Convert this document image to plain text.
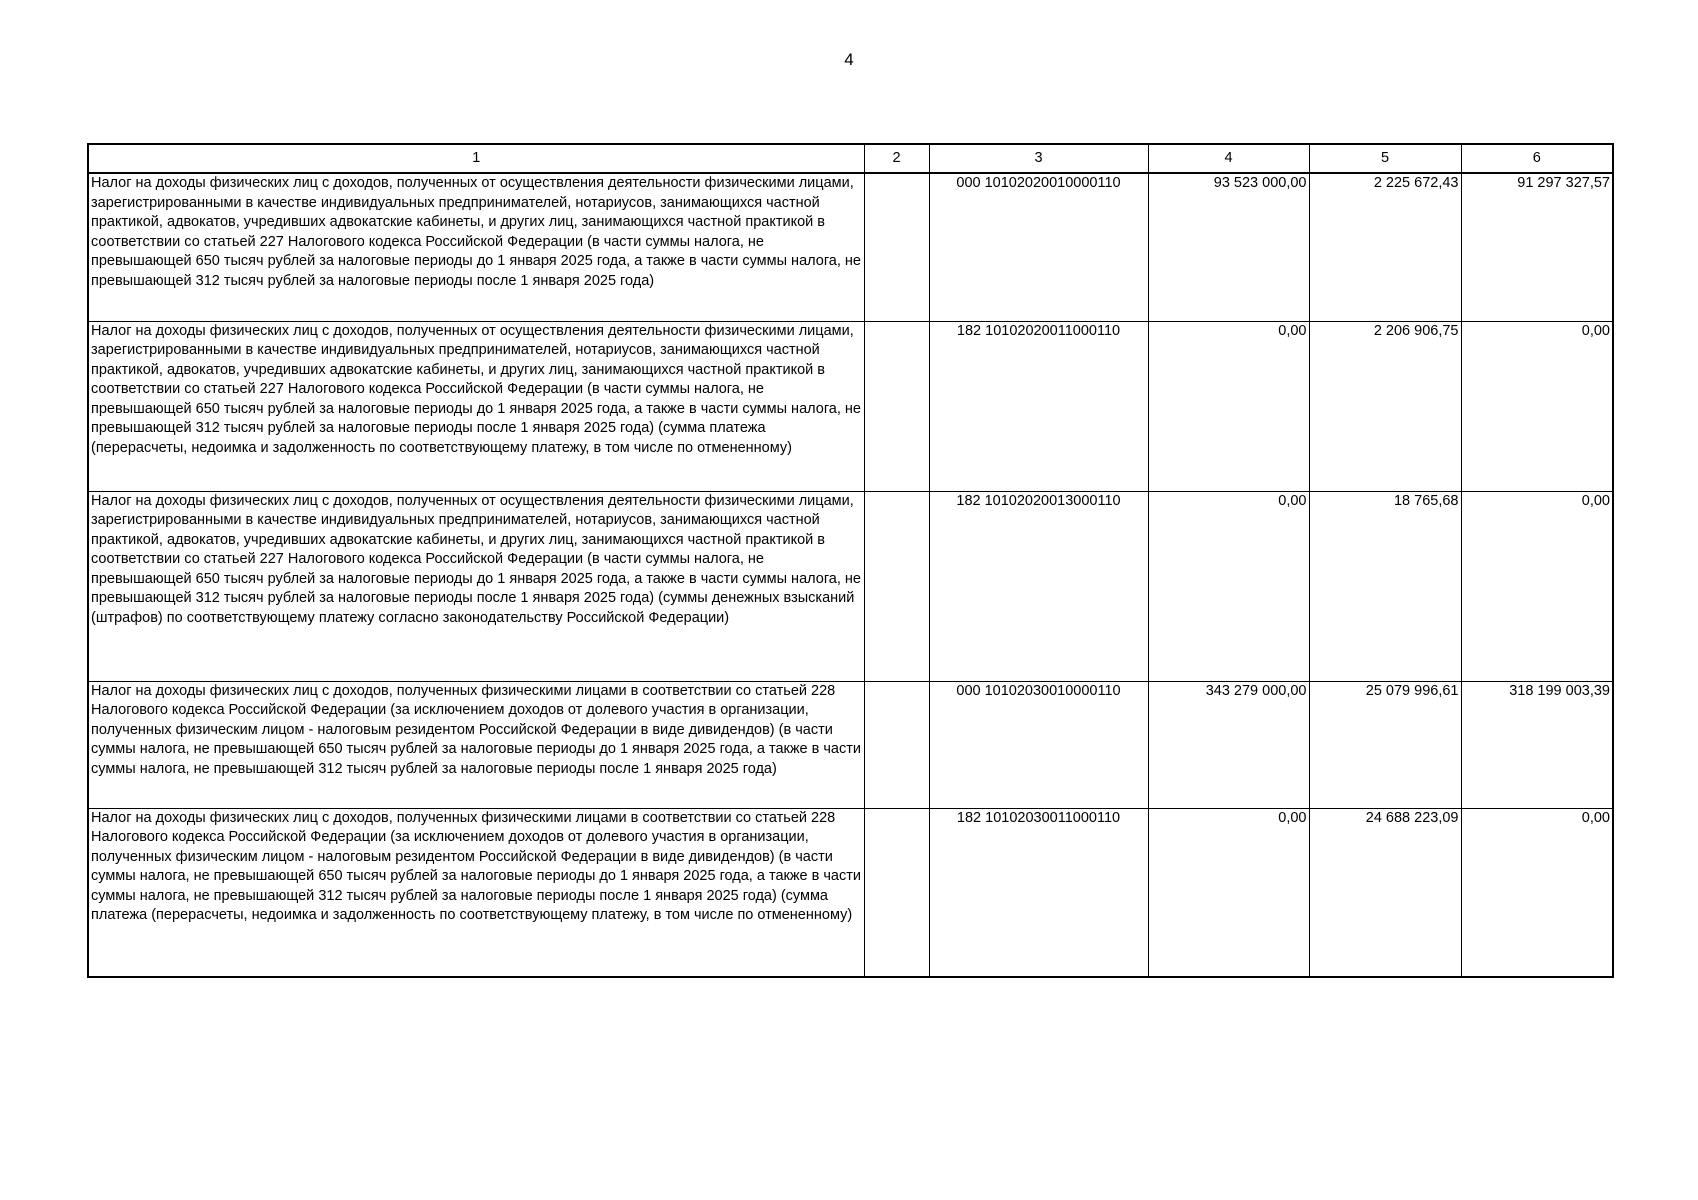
4
1	2	3	4	5	6
Налог на доходы физических лиц с доходов, полученных от осуществления деятельности физическими лицами, зарегистрированными в качестве индивидуальных предпринимателей, нотариусов, занимающихся частной практикой, адвокатов, учредивших адвокатские кабинеты, и других лиц, занимающихся частной практикой в соответствии со статьей 227 Налогового кодекса Российской Федерации (в части суммы налога, не превышающей 650 тысяч рублей за налоговые периоды до 1 января 2025 года, а также в части суммы налога, не превышающей 312 тысяч рублей за налоговые периоды после 1 января 2025 года)		000 10102020010000110	93 523 000,00	2 225 672,43	91 297 327,57
Налог на доходы физических лиц с доходов, полученных от осуществления деятельности физическими лицами, зарегистрированными в качестве индивидуальных предпринимателей, нотариусов, занимающихся частной практикой, адвокатов, учредивших адвокатские кабинеты, и других лиц, занимающихся частной практикой в соответствии со статьей 227 Налогового кодекса Российской Федерации (в части суммы налога, не превышающей 650 тысяч рублей за налоговые периоды до 1 января 2025 года, а также в части суммы налога, не превышающей 312 тысяч рублей за налоговые периоды после 1 января 2025 года) (сумма платежа (перерасчеты, недоимка и задолженность по соответствующему платежу, в том числе по отмененному)		182 10102020011000110	0,00	2 206 906,75	0,00
Налог на доходы физических лиц с доходов, полученных от осуществления деятельности физическими лицами, зарегистрированными в качестве индивидуальных предпринимателей, нотариусов, занимающихся частной практикой, адвокатов, учредивших адвокатские кабинеты, и других лиц, занимающихся частной практикой в соответствии со статьей 227 Налогового кодекса Российской Федерации (в части суммы налога, не превышающей 650 тысяч рублей за налоговые периоды до 1 января 2025 года, а также в части суммы налога, не превышающей 312 тысяч рублей за налоговые периоды после 1 января 2025 года) (суммы денежных взысканий (штрафов) по соответствующему платежу согласно законодательству Российской Федерации)		182 10102020013000110	0,00	18 765,68	0,00
Налог на доходы физических лиц с доходов, полученных физическими лицами в соответствии со статьей 228 Налогового кодекса Российской Федерации (за исключением доходов от долевого участия в организации, полученных физическим лицом - налоговым резидентом Российской Федерации в виде дивидендов) (в части суммы налога, не превышающей 650 тысяч рублей за налоговые периоды до 1 января 2025 года, а также в части суммы налога, не превышающей 312 тысяч рублей за налоговые периоды после 1 января 2025 года)		000 10102030010000110	343 279 000,00	25 079 996,61	318 199 003,39
Налог на доходы физических лиц с доходов, полученных физическими лицами в соответствии со статьей 228 Налогового кодекса Российской Федерации (за исключением доходов от долевого участия в организации, полученных физическим лицом - налоговым резидентом Российской Федерации в виде дивидендов) (в части суммы налога, не превышающей 650 тысяч рублей за налоговые периоды до 1 января 2025 года, а также в части суммы налога, не превышающей 312 тысяч рублей за налоговые периоды после 1 января 2025 года) (сумма платежа (перерасчеты, недоимка и задолженность по соответствующему платежу, в том числе по отмененному)		182 10102030011000110	0,00	24 688 223,09	0,00
